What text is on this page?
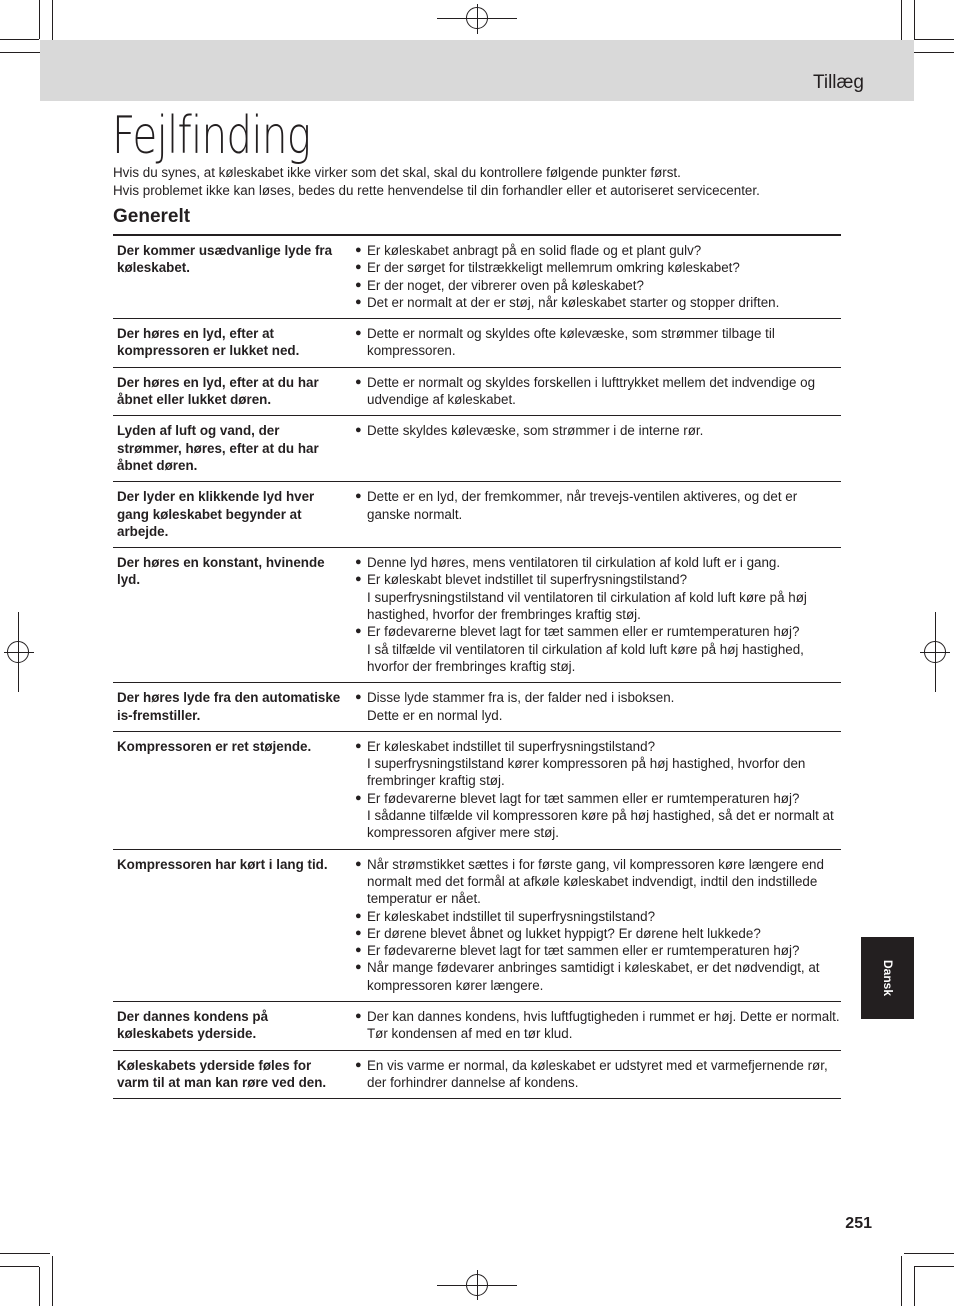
Tillæg
Fejlfinding
Hvis du synes, at køleskabet ikke virker som det skal, skal du kontrollere følgende punkter først.
Hvis problemet ikke kan løses, bedes du rette henvendelse til din forhandler eller et autoriseret servicecenter.
Generelt
Der kommer usædvanlige lyde fra køleskabet.
● Er køleskabet anbragt på en solid flade og et plant gulv?
● Er der sørget for tilstrækkeligt mellemrum omkring køleskabet?
● Er der noget, der vibrerer oven på køleskabet?
● Det er normalt at der er støj, når køleskabet starter og stopper driften.
Der høres en lyd, efter at kompressoren er lukket ned.
● Dette er normalt og skyldes ofte kølevæske, som strømmer tilbage til kompressoren.
Der høres en lyd, efter at du har åbnet eller lukket døren.
● Dette er normalt og skyldes forskellen i lufttrykket mellem det indvendige og udvendige af køleskabet.
Lyden af luft og vand, der strømmer, høres, efter at du har åbnet døren.
● Dette skyldes kølevæske, som strømmer i de interne rør.
Der lyder en klikkende lyd hver gang køleskabet begynder at arbejde.
● Dette er en lyd, der fremkommer, når trevejs-ventilen aktiveres, og det er ganske normalt.
Der høres en konstant, hvinende lyd.
● Denne lyd høres, mens ventilatoren til cirkulation af kold luft er i gang.
● Er køleskabt blevet indstillet til superfrysningstilstand?
I superfrysningstilstand vil ventilatoren til cirkulation af kold luft køre på høj hastighed, hvorfor der frembringes kraftig støj.
● Er fødevarerne blevet lagt for tæt sammen eller er rumtemperaturen høj?
I så tilfælde vil ventilatoren til cirkulation af kold luft køre på høj hastighed, hvorfor der frembringes kraftig støj.
Der høres lyde fra den automatiske is-fremstiller.
● Disse lyde stammer fra is, der falder ned i isboksen.
Dette er en normal lyd.
Kompressoren er ret støjende.	● Er køleskabet indstillet til superfrysningstilstand?
I superfrysningstilstand kører kompressoren på høj hastighed, hvorfor den frembringer kraftig støj.
● Er fødevarerne blevet lagt for tæt sammen eller er rumtemperaturen høj?
I sådanne tilfælde vil kompressoren køre på høj hastighed, så det er normalt at kompressoren afgiver mere støj.
Kompressoren har kørt i lang tid.	● Når strømstikket sættes i for første gang, vil kompressoren køre længere end normalt med det formål at afkøle køleskabet indvendigt, indtil den indstillede temperatur er nået.
● Er køleskabet indstillet til superfrysningstilstand?
● Er dørene blevet åbnet og lukket hyppigt? Er dørene helt lukkede?
● Er fødevarerne blevet lagt for tæt sammen eller er rumtemperaturen høj?
● Når mange fødevarer anbringes samtidigt i køleskabet, er det nødvendigt, at kompressoren kører længere.
Der dannes kondens på køleskabets yderside.
● Der kan dannes kondens, hvis luftfugtigheden i rummet er høj. Dette er normalt. Tør kondensen af med en tør klud.
Køleskabets yderside føles for varm til at man kan røre ved den.
● En vis varme er normal, da køleskabet er udstyret med et varmefjernende rør, der forhindrer dannelse af kondens.
Dansk
251
